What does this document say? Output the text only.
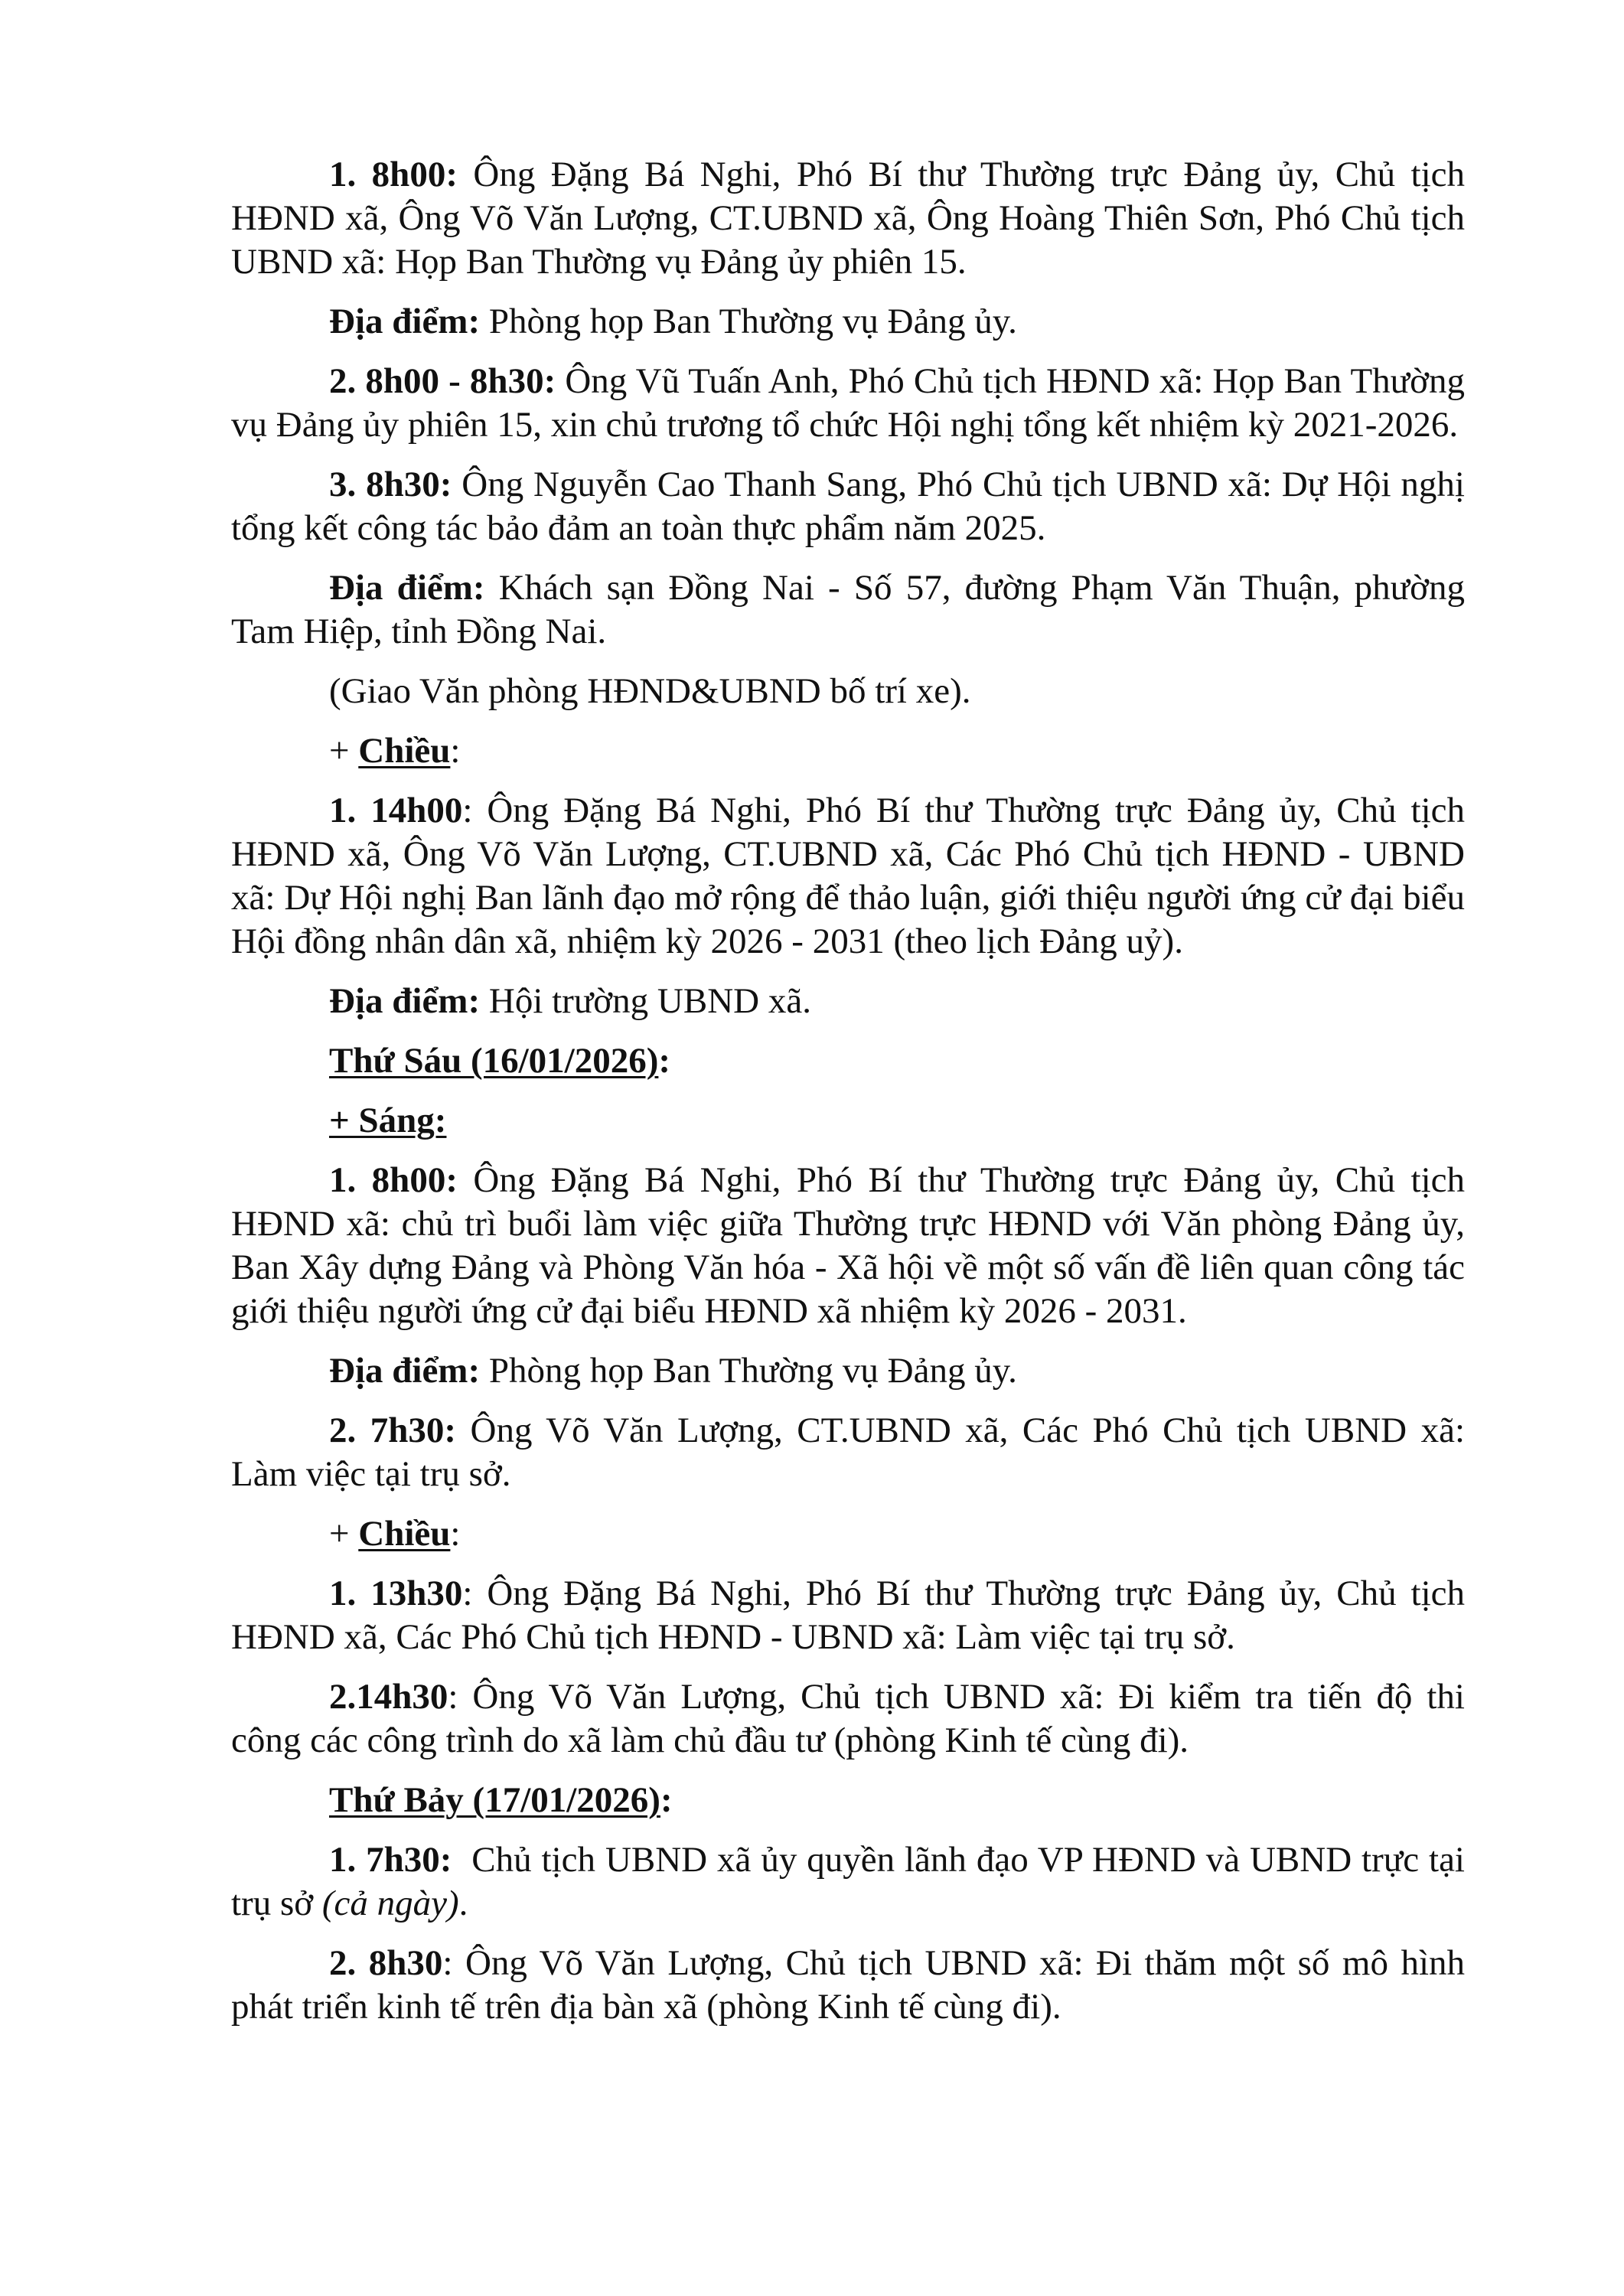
1. 8h00: Ông Đặng Bá Nghi, Phó Bí thư Thường trực Đảng ủy, Chủ tịch HĐND xã, Ông Võ Văn Lượng, CT.UBND xã, Ông Hoàng Thiên Sơn, Phó Chủ tịch UBND xã: Họp Ban Thường vụ Đảng ủy phiên 15.

Địa điểm: Phòng họp Ban Thường vụ Đảng ủy.

2. 8h00 - 8h30: Ông Vũ Tuấn Anh, Phó Chủ tịch HĐND xã: Họp Ban Thường vụ Đảng ủy phiên 15, xin chủ trương tổ chức Hội nghị tổng kết nhiệm kỳ 2021-2026.

3. 8h30: Ông Nguyễn Cao Thanh Sang, Phó Chủ tịch UBND xã: Dự Hội nghị tổng kết công tác bảo đảm an toàn thực phẩm năm 2025.

Địa điểm: Khách sạn Đồng Nai - Số 57, đường Phạm Văn Thuận, phường Tam Hiệp, tỉnh Đồng Nai.

(Giao Văn phòng HĐND&UBND bố trí xe).

+ Chiều:

1. 14h00: Ông Đặng Bá Nghi, Phó Bí thư Thường trực Đảng ủy, Chủ tịch HĐND xã, Ông Võ Văn Lượng, CT.UBND xã, Các Phó Chủ tịch HĐND - UBND xã: Dự Hội nghị Ban lãnh đạo mở rộng để thảo luận, giới thiệu người ứng cử đại biểu Hội đồng nhân dân xã, nhiệm kỳ 2026 - 2031 (theo lịch Đảng uỷ).

Địa điểm: Hội trường UBND xã.

Thứ Sáu (16/01/2026):

+ Sáng:

1. 8h00: Ông Đặng Bá Nghi, Phó Bí thư Thường trực Đảng ủy, Chủ tịch HĐND xã: chủ trì buổi làm việc giữa Thường trực HĐND với Văn phòng Đảng ủy, Ban Xây dựng Đảng và Phòng Văn hóa - Xã hội về một số vấn đề liên quan công tác giới thiệu người ứng cử đại biểu HĐND xã nhiệm kỳ 2026 - 2031.

Địa điểm: Phòng họp Ban Thường vụ Đảng ủy.

2. 7h30: Ông Võ Văn Lượng, CT.UBND xã, Các Phó Chủ tịch UBND xã: Làm việc tại trụ sở.

+ Chiều:

1. 13h30: Ông Đặng Bá Nghi, Phó Bí thư Thường trực Đảng ủy, Chủ tịch HĐND xã, Các Phó Chủ tịch HĐND - UBND xã: Làm việc tại trụ sở.

2.14h30: Ông Võ Văn Lượng, Chủ tịch UBND xã: Đi kiểm tra tiến độ thi công các công trình do xã làm chủ đầu tư (phòng Kinh tế cùng đi).

Thứ Bảy (17/01/2026):

1. 7h30:  Chủ tịch UBND xã ủy quyền lãnh đạo VP HĐND và UBND trực tại trụ sở (cả ngày).

2. 8h30: Ông Võ Văn Lượng, Chủ tịch UBND xã: Đi thăm một số mô hình phát triển kinh tế trên địa bàn xã (phòng Kinh tế cùng đi).
